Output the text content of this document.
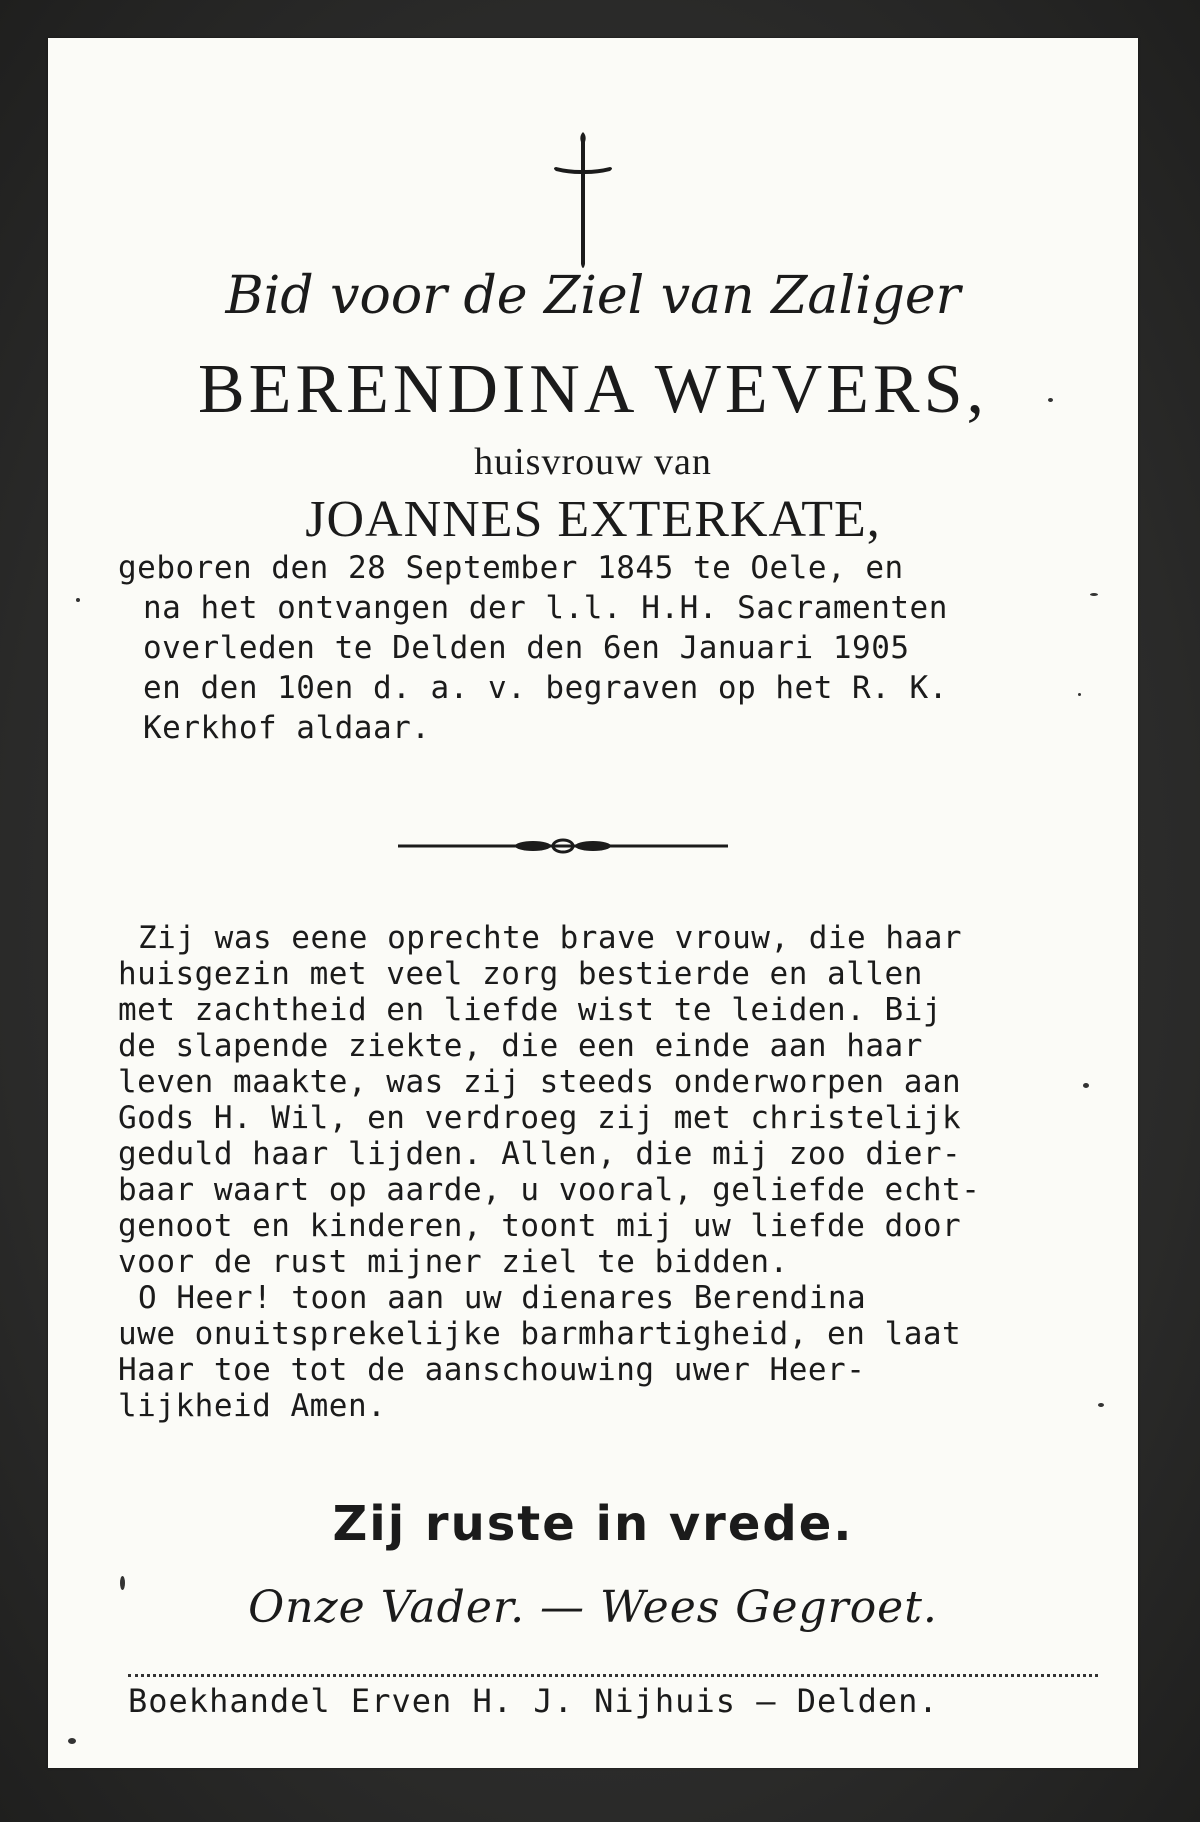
Bid voor de Ziel van Zaliger
BERENDINA WEVERS,
huisvrouw van
JOANNES EXTERKATE,
geboren den 28 September 1845 te Oele, en
na het ontvangen der l.l. H.H. Sacramenten
overleden te Delden den 6en Januari 1905
en den 10en d. a. v. begraven op het R. K.
Kerkhof aldaar.
Zij was eene oprechte brave vrouw, die haar
huisgezin met veel zorg bestierde en allen
met zachtheid en liefde wist te leiden. Bij
de slapende ziekte, die een einde aan haar
leven maakte, was zij steeds onderworpen aan
Gods H. Wil, en verdroeg zij met christelijk
geduld haar lijden. Allen, die mij zoo dier-
baar waart op aarde, u vooral, geliefde echt-
genoot en kinderen, toont mij uw liefde door
voor de rust mijner ziel te bidden.
O Heer! toon aan uw dienares Berendina
uwe onuitsprekelijke barmhartigheid, en laat
Haar toe tot de aanschouwing uwer Heer-
lijkheid Amen.
Zij ruste in vrede.
Onze Vader. — Wees Gegroet.
Boekhandel Erven H. J. Nijhuis — Delden.
